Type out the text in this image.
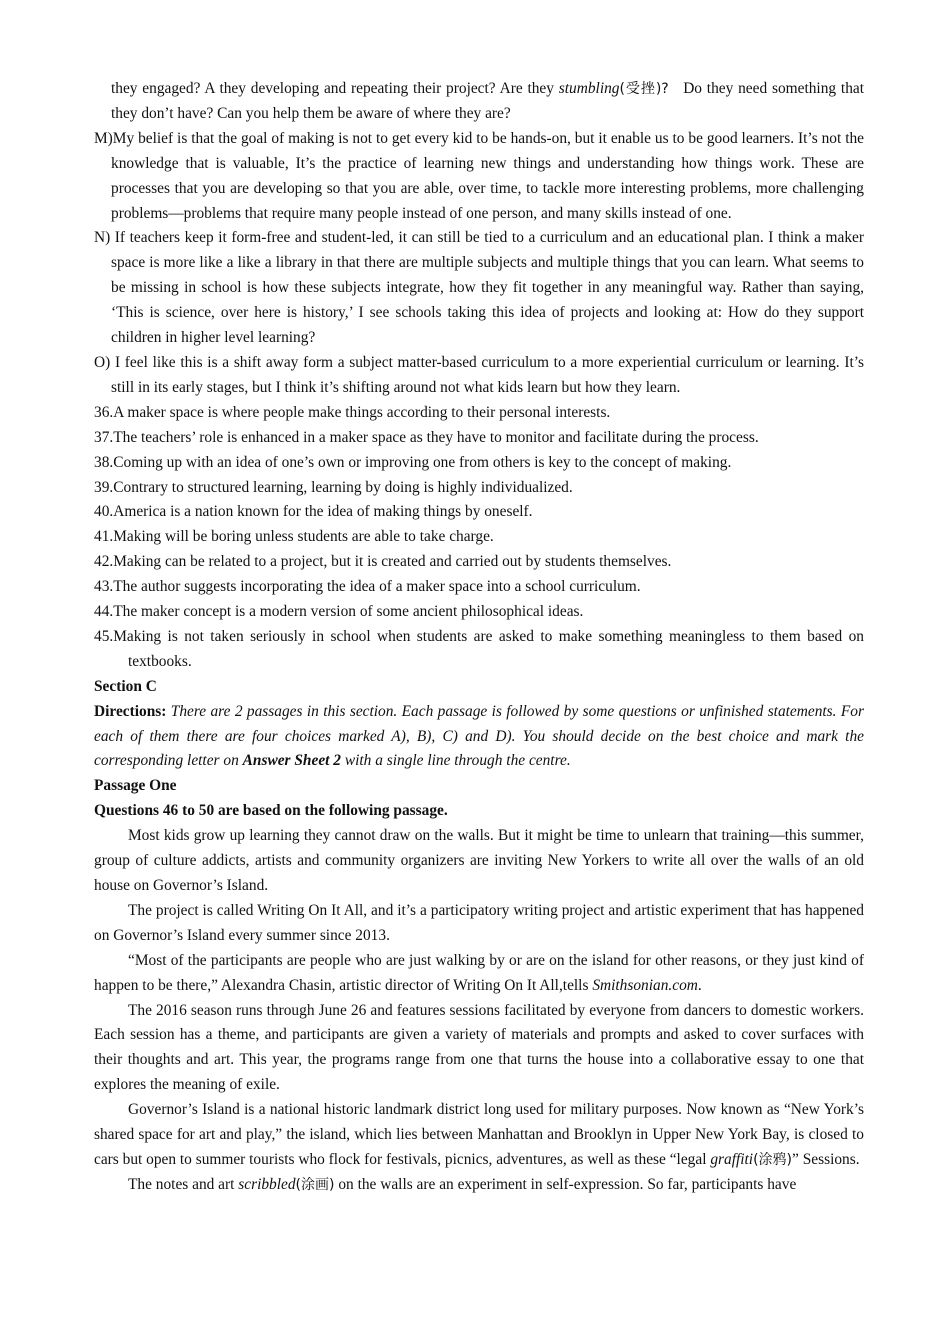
they engaged? A they developing and repeating their project? Are they stumbling(受挫)? Do they need something that they don’t have? Can you help them be aware of where they are?

M)My belief is that the goal of making is not to get every kid to be hands-on, but it enable us to be good learners. It’s not the knowledge that is valuable, It’s the practice of learning new things and understanding how things work. These are processes that you are developing so that you are able, over time, to tackle more interesting problems, more challenging problems—problems that require many people instead of one person, and many skills instead of one.

N) If teachers keep it form-free and student-led, it can still be tied to a curriculum and an educational plan. I think a maker space is more like a like a library in that there are multiple subjects and multiple things that you can learn. What seems to be missing in school is how these subjects integrate, how they fit together in any meaningful way. Rather than saying, ‘This is science, over here is history,’ I see schools taking this idea of projects and looking at: How do they support children in higher level learning?

O) I feel like this is a shift away form a subject matter-based curriculum to a more experiential curriculum or learning. It’s still in its early stages, but I think it’s shifting around not what kids learn but how they learn.

36.A maker space is where people make things according to their personal interests.

37.The teachers’ role is enhanced in a maker space as they have to monitor and facilitate during the process.

38.Coming up with an idea of one’s own or improving one from others is key to the concept of making.

39.Contrary to structured learning, learning by doing is highly individualized.

40.America is a nation known for the idea of making things by oneself.

41.Making will be boring unless students are able to take charge.

42.Making can be related to a project, but it is created and carried out by students themselves.

43.The author suggests incorporating the idea of a maker space into a school curriculum.

44.The maker concept is a modern version of some ancient philosophical ideas.

45.Making is not taken seriously in school when students are asked to make something meaningless to them based on textbooks.

Section C

Directions: There are 2 passages in this section. Each passage is followed by some questions or unfinished statements. For each of them there are four choices marked A), B), C) and D). You should decide on the best choice and mark the corresponding letter on Answer Sheet 2 with a single line through the centre.

Passage One

Questions 46 to 50 are based on the following passage.

Most kids grow up learning they cannot draw on the walls. But it might be time to unlearn that training—this summer, group of culture addicts, artists and community organizers are inviting New Yorkers to write all over the walls of an old house on Governor’s Island.

The project is called Writing On It All, and it’s a participatory writing project and artistic experiment that has happened on Governor’s Island every summer since 2013.

“Most of the participants are people who are just walking by or are on the island for other reasons, or they just kind of happen to be there,” Alexandra Chasin, artistic director of Writing On It All,tells Smithsonian.com.

The 2016 season runs through June 26 and features sessions facilitated by everyone from dancers to domestic workers. Each session has a theme, and participants are given a variety of materials and prompts and asked to cover surfaces with their thoughts and art. This year, the programs range from one that turns the house into a collaborative essay to one that explores the meaning of exile.

Governor’s Island is a national historic landmark district long used for military purposes. Now known as “New York’s shared space for art and play,” the island, which lies between Manhattan and Brooklyn in Upper New York Bay, is closed to cars but open to summer tourists who flock for festivals, picnics, adventures, as well as these “legal graffiti(涂鸦)” Sessions.

The notes and art scribbled(涂画) on the walls are an experiment in self-expression. So far, participants have
